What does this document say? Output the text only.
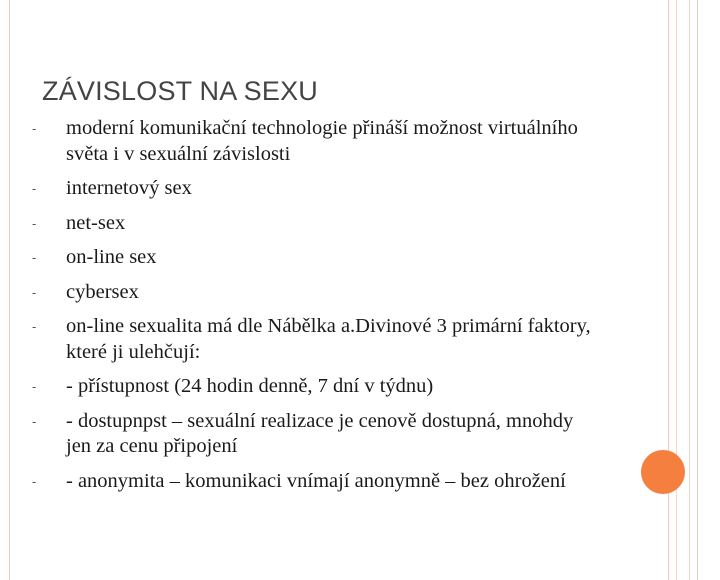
ZÁVISLOST NA SEXU
- moderní komunikační technologie přináší možnost virtuálního světa i v sexuální závislosti
- internetový sex
- net-sex
- on-line sex
- cybersex
- on-line sexualita má dle Nábělka a.Divinové 3 primární faktory, které ji ulehčují:
- - přístupnost (24 hodin denně, 7 dní v týdnu)
- - dostupnpst – sexuální realizace je cenově dostupná, mnohdy jen za cenu připojení
- - anonymita – komunikaci vnímají anonymně – bez ohrožení
